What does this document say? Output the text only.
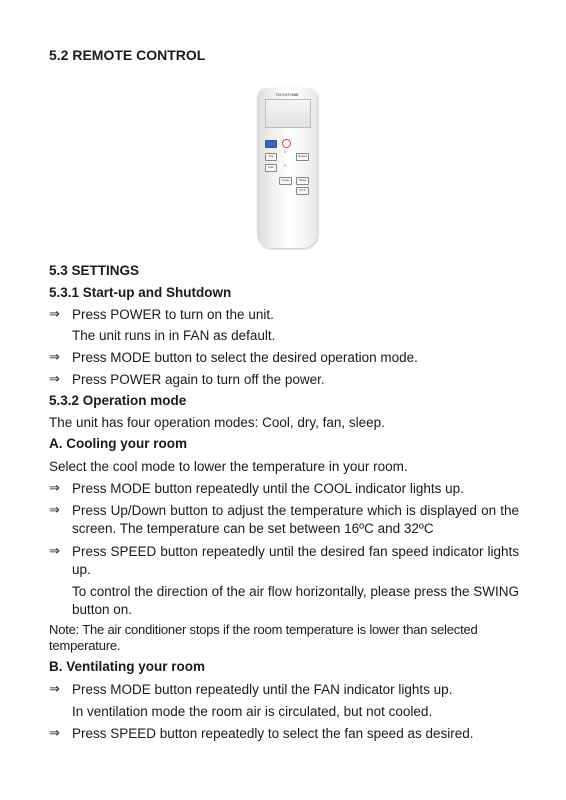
TOYOTOMI
Dry
Fan
⌃
⌄
Speed
Timer	Sleep
°C/°F
5.2 REMOTE CONTROL
5.3 SETTINGS
5.3.1 Start-up and Shutdown
⇒ Press POWER to turn on the unit.
The unit runs in in FAN as default.
⇒ Press MODE button to select the desired operation mode.
⇒ Press POWER again to turn off the power.
5.3.2 Operation mode
The unit has four operation modes: Cool, dry, fan, sleep.
A. Cooling your room
Select the cool mode to lower the temperature in your room.
⇒ Press MODE button repeatedly until the COOL indicator lights up.
⇒ Press Up/Down button to adjust the temperature which is displayed on the screen. The temperature can be set between 16ºC and 32ºC
⇒ Press SPEED button repeatedly until the desired fan speed indicator lights up.
To control the direction of the air flow horizontally, please press the SWING button on.
Note: The air conditioner stops if the room temperature is lower than selected temperature.
B. Ventilating your room
⇒ Press MODE button repeatedly until the FAN indicator lights up.
In ventilation mode the room air is circulated, but not cooled.
⇒ Press SPEED button repeatedly to select the fan speed as desired.
